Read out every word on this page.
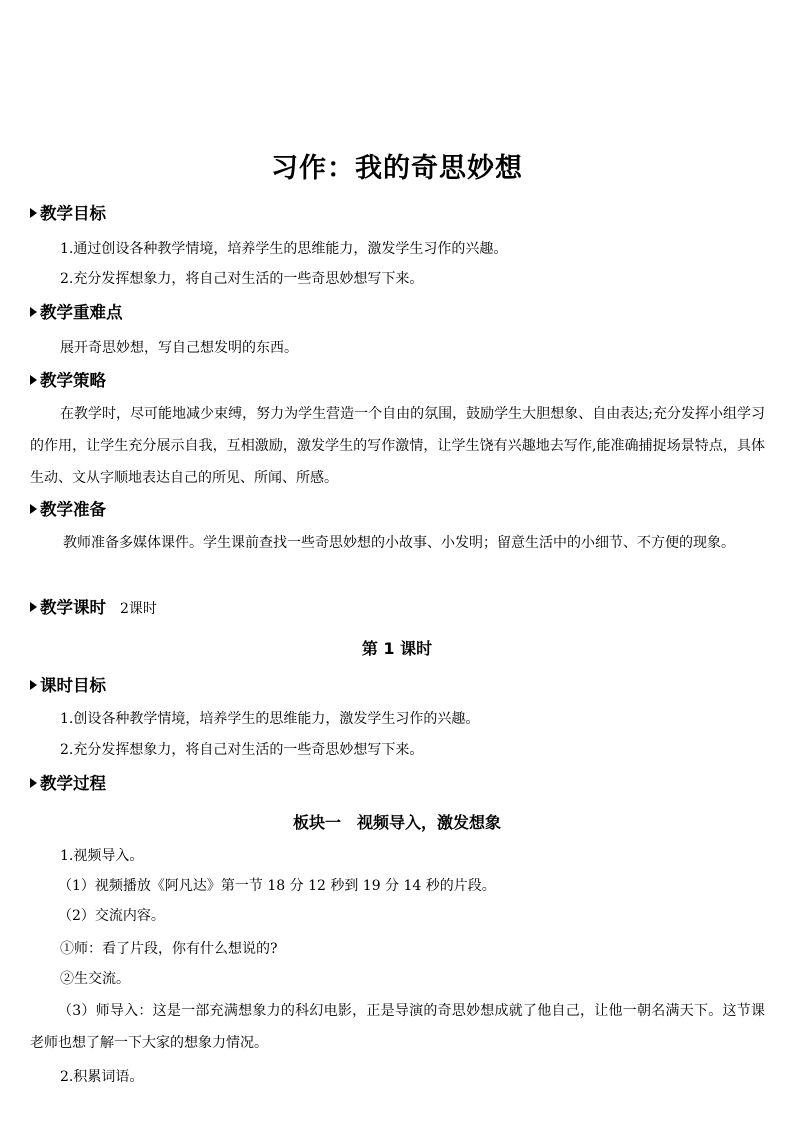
习作：我的奇思妙想
教学目标
1.通过创设各种教学情境，培养学生的思维能力，激发学生习作的兴趣。
2.充分发挥想象力，将自己对生活的一些奇思妙想写下来。
教学重难点
展开奇思妙想，写自己想发明的东西。
教学策略
在教学时，尽可能地减少束缚，努力为学生营造一个自由的氛围，鼓励学生大胆想象、自由表达;充分发挥小组学习的作用，让学生充分展示自我，互相激励，激发学生的写作激情，让学生饶有兴趣地去写作,能准确捕捉场景特点，具体生动、文从字顺地表达自己的所见、所闻、所感。
教学准备
教师准备多媒体课件。学生课前查找一些奇思妙想的小故事、小发明；留意生活中的小细节、不方便的现象。
教学课时 2课时
第 1 课时
课时目标
1.创设各种教学情境，培养学生的思维能力，激发学生习作的兴趣。
2.充分发挥想象力，将自己对生活的一些奇思妙想写下来。
教学过程
板块一　视频导入，激发想象
1.视频导入。
（1）视频播放《阿凡达》第一节 18 分 12 秒到 19 分 14 秒的片段。
（2）交流内容。
①师：看了片段，你有什么想说的?
②生交流。
（3）师导入：这是一部充满想象力的科幻电影，正是导演的奇思妙想成就了他自己，让他一朝名满天下。这节课老师也想了解一下大家的想象力情况。
2.积累词语。
